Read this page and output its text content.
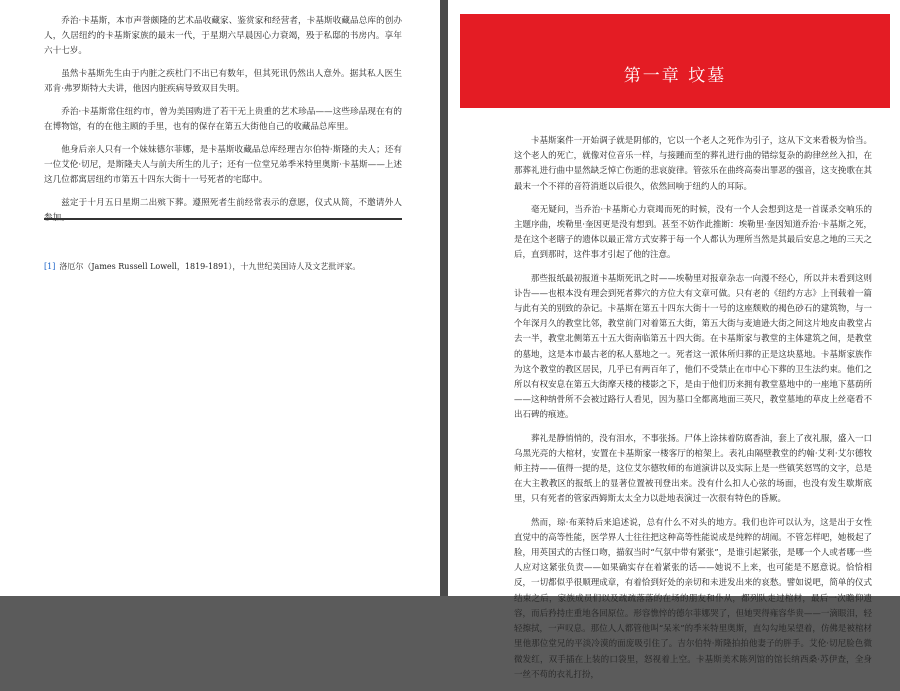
乔治·卡基斯，本市声誉颇隆的艺术品收藏家、鉴赏家和经营者，卡基斯收藏品总库的创办人，久居纽约的卡基斯家族的最末一代，于星期六早晨因心力衰竭，殁于私邸的书房内。享年六十七岁。

虽然卡基斯先生由于内脏之疾杜门不出已有数年，但其死讯仍然出人意外。据其私人医生邓肯·弗罗斯特大夫讲，他因内脏疾病导致双目失明。

乔治·卡基斯常住纽约市，曾为美国购进了若干无上贵重的艺术珍品——这些珍品现在有的在博物馆，有的在他主顾的手里，也有的保存在第五大街他自己的收藏品总库里。

他身后亲人只有一个妹妹德尔菲娜，是卡基斯收藏品总库经理吉尔伯特·斯隆的夫人；还有一位艾伦·切尼，是斯隆夫人与前夫所生的儿子；还有一位堂兄弟季米特里奥斯·卡基斯——上述这几位都寓居纽约市第五十四东大街十一号死者的宅邸中。

兹定于十月五日星期二出殡下葬。遵照死者生前经常表示的意愿，仪式从简，不邀请外人

[1] 洛厄尔（James Russell Lowell，1819-1891），十九世纪美国诗人及文艺批评家。
第一章 坟墓

卡基斯案件一开始调子就是阴郁的，它以一个老人之死作为引子，这从下文来看极为恰当。这个老人的死亡，就像对位音乐一样，与接踵而至的葬礼进行曲的错综复杂的韵律丝丝入扣，在那葬礼进行曲中显然缺乏悼亡伤逝的悲哀旋律。管弦乐在曲终高奏出罪恶的强音，这支挽歌在其最末一个不祥的音符消逝以后很久，依然回响于纽约人的耳际。

毫无疑问，当乔治·卡基斯心力衰竭而死的时候，没有一个人会想到这是一首谋杀交响乐的主题序曲，埃勒里·奎因更是没有想到。甚至不妨作此推断：埃勒里·奎因知道乔治·卡基斯之死，是在这个老瞎子的遗体以最正常方式安葬于每一个人都认为理所当然是其最后安息之地的三天之后，直到那时，这件事才引起了他的注意。

那些报纸最初报道卡基斯死讯之时——埃勒里对报章杂志一向漫不经心，所以并未看到这则讣告——也根本没有理会到死者葬穴的方位大有文章可做。只有老的《纽约方志》上刊载着一篇与此有关的别致的杂记。卡基斯在第五十四东大街十一号的这座颓败的褐色砂石的建筑物，与一个年深月久的教堂比邻，教堂前门对着第五大街，第五大街与麦迪逊大街之间这片地皮由教堂占去一半，教堂北侧第五十五大街南临第五十四大街。在卡基斯家与教堂的主体建筑之间，是教堂的墓地，这是本市最古老的私人墓地之一。死者这一派体所归葬的正是这块墓地。卡基斯家族作为这个教堂的教区居民，几乎已有两百年了，他们不受禁止在市中心下葬的卫生法约束。他们之所以有权安息在第五大街摩天楼的楼影之下，是由于他们历来拥有教堂墓地中的一座地下墓荫所——这种纳骨所不会被过路行人看见，因为墓口全都离地面三英尺，教堂墓地的草皮上丝毫看不出石碑的痕迹。

葬礼是静悄悄的，没有泪水，不事张扬。尸体上涂抹着防腐香油，套上了夜礼服，盛入一口乌黑光亮的大棺材，安置在卡基斯家一楼客厅的棺架上。表礼由隔壁教堂的约翰·艾利·艾尔德牧师主持——值得一提的是，这位艾尔德牧师的布道演讲以及实际上是一些镇笑怒骂的文字，总是在大主教教区的报纸上的显著位置被刊登出来。没有什么扣人心弦的场面，也没有发生歇斯底里，只有死者的管家西姆斯太太全力以赴地表演过一次很有特色的昏厥。

然而，琼·布莱特后来追述说，总有什么不对头的地方。我们也许可以认为，这是出于女性直觉中的高等性能，医学界人士往往把这种高等性能说成是纯粹的胡闹。不管怎样吧，她极起了脸，用英国式的古怪口吻，描叙当时“气氛中带有紧张”，是谁引起紧张，是哪一个人或者哪一些人应对这紧张负责——如果确实存在着紧张的话——她说不上来，也可能是不愿意说。恰恰相反，一切都似乎很顺理成章，有着恰到好处的亲切和未进发出来的哀愁。譬如说吧，简单的仪式结束之后，家族成员们以及疏疏落落的在场的朋友和仆从，都列队走过棺材，最后一次瞻仰遗容，而后矜持庄重地各回原位。形容憔悴的德尔菲娜哭了，但她哭得雍容华贵——一滴眼泪，轻轻擦拭，一声叹息。那位人人都管他叫“呆米”的季米特里奥斯，直勾勾地呆望着，仿佛是被棺材里他那位堂兄的平淡冷漠的面庞吸引住了。吉尔伯特·斯隆拍拍他妻子的胖手。艾伦·切尼脸色微微发红，双手插在上装的口袋里，怒视着上空。卡基斯美术陈列馆的馆长纳西桑·苏伊查，全身一丝不苟的衣礼打扮，
